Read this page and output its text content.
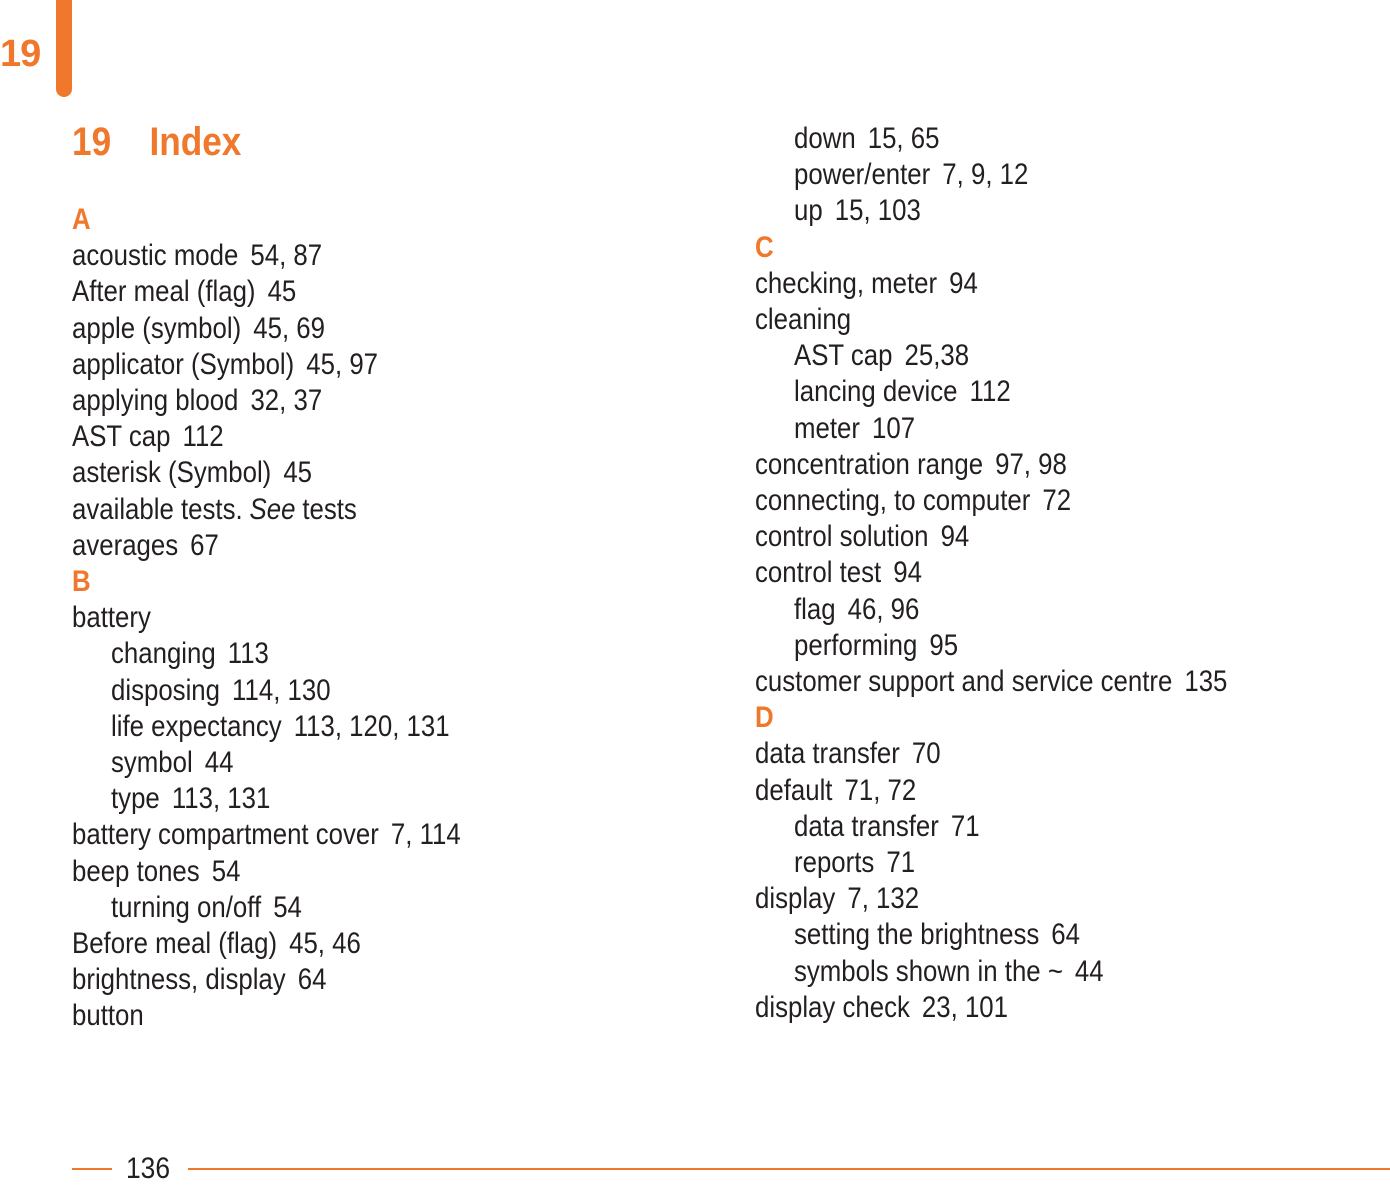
19
19 Index
A
acoustic mode 54, 87
After meal (flag) 45
apple (symbol) 45, 69
applicator (Symbol) 45, 97
applying blood 32, 37
AST cap 112
asterisk (Symbol) 45
available tests. See tests
averages 67
B
battery
changing 113
disposing 114, 130
life expectancy 113, 120, 131
symbol 44
type 113, 131
battery compartment cover 7, 114
beep tones 54
turning on/off 54
Before meal (flag) 45, 46
brightness, display 64
button
down 15, 65
power/enter 7, 9, 12
up 15, 103
C
checking, meter 94
cleaning
AST cap 25,38
lancing device 112
meter 107
concentration range 97, 98
connecting, to computer 72
control solution 94
control test 94
flag 46, 96
performing 95
customer support and service centre 135
D
data transfer 70
default 71, 72
data transfer 71
reports 71
display 7, 132
setting the brightness 64
symbols shown in the ~ 44
display check 23, 101
136
